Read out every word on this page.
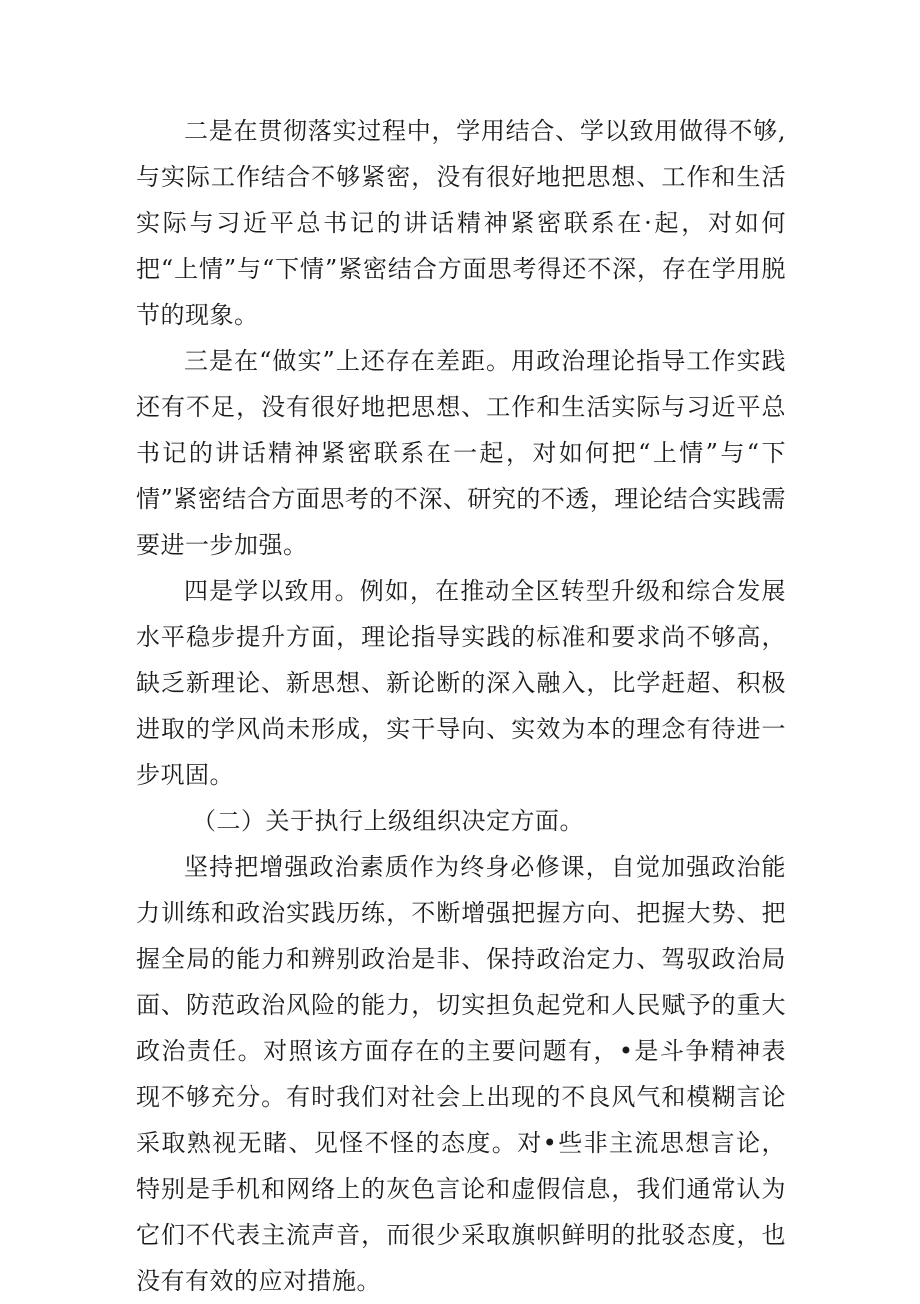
二是在贯彻落实过程中，学用结合、学以致用做得不够,与实际工作结合不够紧密，没有很好地把思想、工作和生活实际与习近平总书记的讲话精神紧密联系在·起，对如何把“上情”与“下情”紧密结合方面思考得还不深，存在学用脱节的现象。

三是在“做实”上还存在差距。用政治理论指导工作实践还有不足，没有很好地把思想、工作和生活实际与习近平总书记的讲话精神紧密联系在一起，对如何把“上情”与“下情”紧密结合方面思考的不深、研究的不透，理论结合实践需要进一步加强。

四是学以致用。例如，在推动全区转型升级和综合发展水平稳步提升方面，理论指导实践的标准和要求尚不够高，缺乏新理论、新思想、新论断的深入融入，比学赶超、积极进取的学风尚未形成，实干导向、实效为本的理念有待进一步巩固。

（二）关于执行上级组织决定方面。

坚持把增强政治素质作为终身必修课，自觉加强政治能力训练和政治实践历练，不断增强把握方向、把握大势、把握全局的能力和辨别政治是非、保持政治定力、驾驭政治局面、防范政治风险的能力，切实担负起党和人民赋予的重大政治责任。对照该方面存在的主要问题有，•是斗争精神表现不够充分。有时我们对社会上出现的不良风气和模糊言论采取熟视无睹、见怪不怪的态度。对•些非主流思想言论，特别是手机和网络上的灰色言论和虚假信息，我们通常认为它们不代表主流声音，而很少采取旗帜鲜明的批驳态度，也没有有效的应对措施。
